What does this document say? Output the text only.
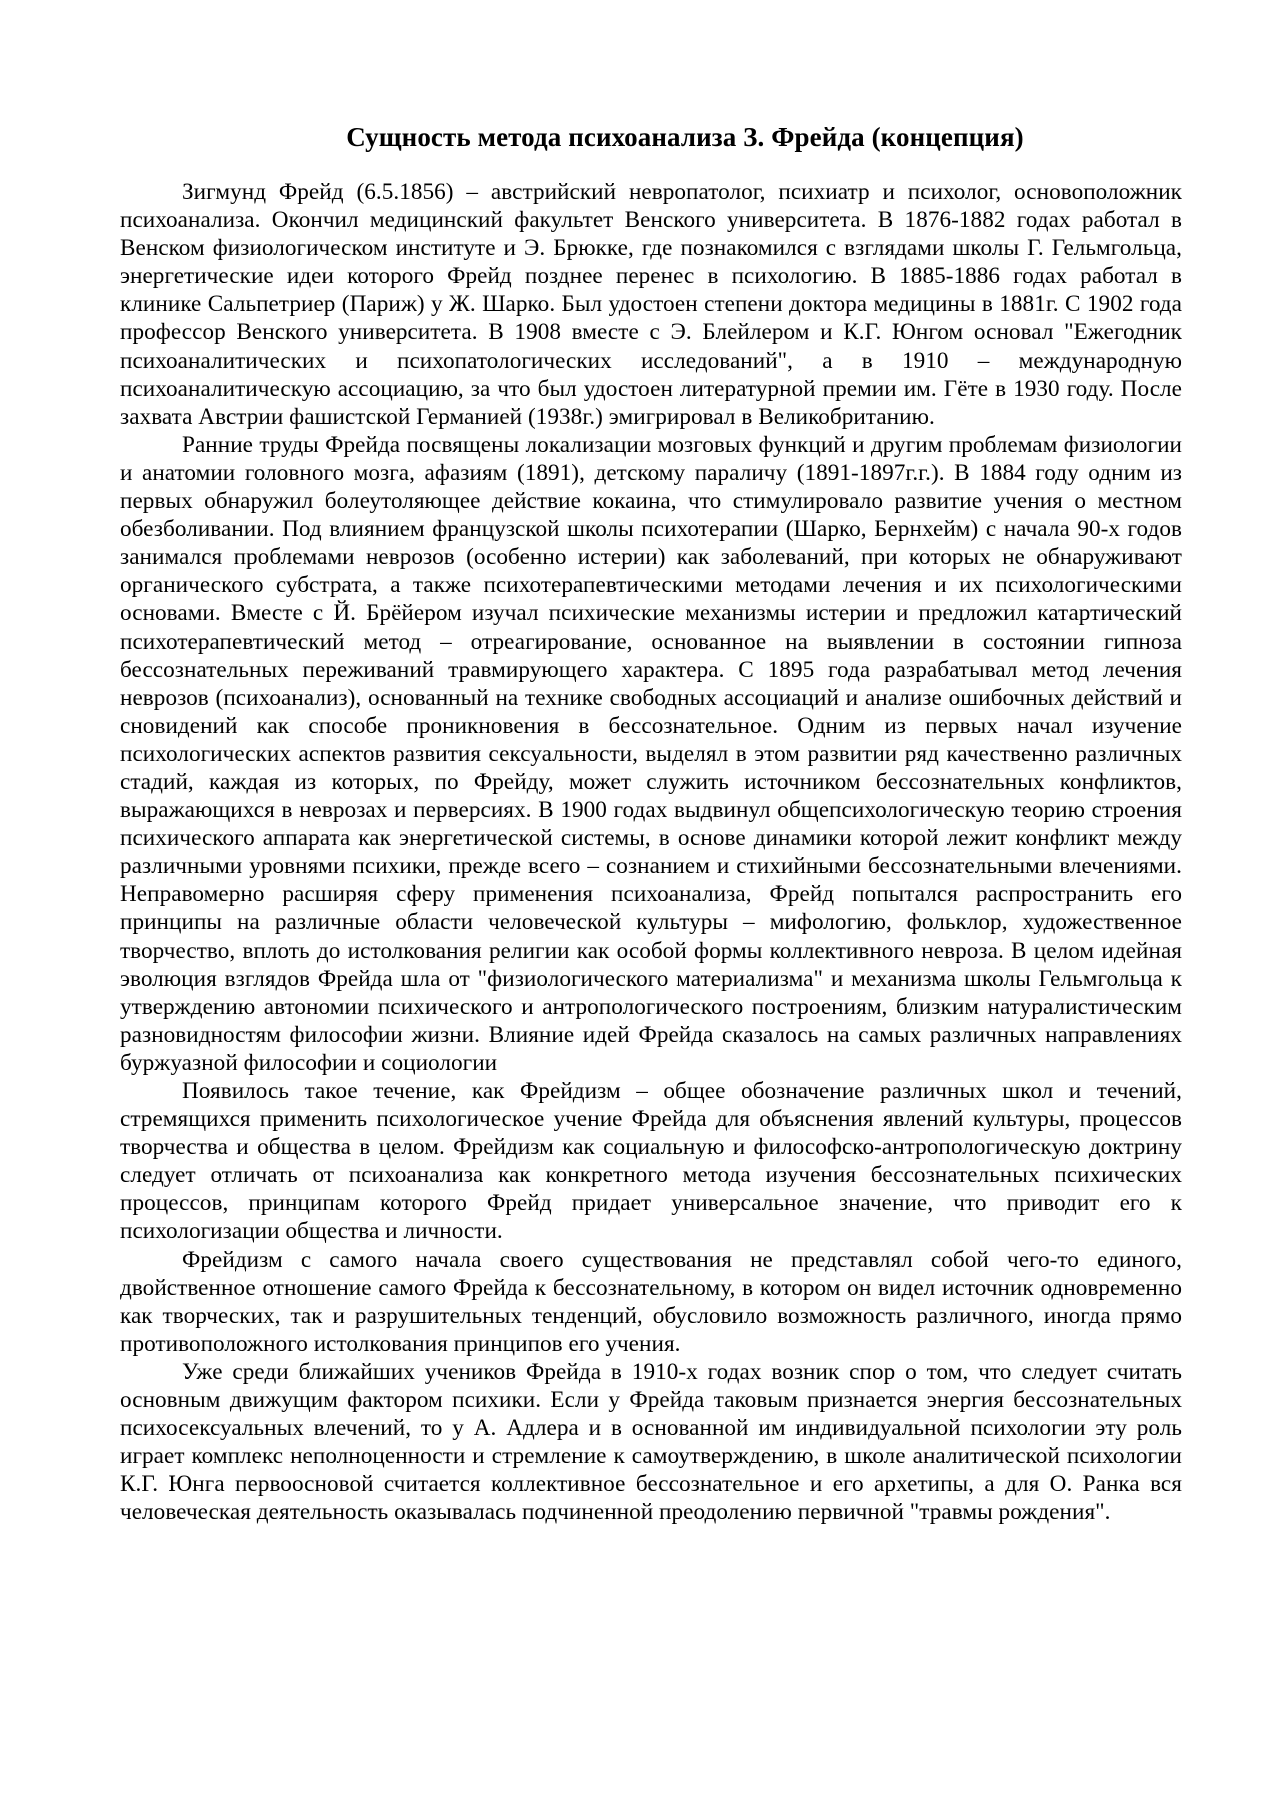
Сущность метода психоанализа З. Фрейда (концепция)

Зигмунд Фрейд (6.5.1856) – австрийский невропатолог, психиатр и психолог, основоположник психоанализа. Окончил медицинский факультет Венского университета. В 1876-1882 годах работал в Венском физиологическом институте и Э. Брюкке, где познакомился с взглядами школы Г. Гельмгольца, энергетические идеи которого Фрейд позднее перенес в психологию. В 1885-1886 годах работал в клинике Сальпетриер (Париж) у Ж. Шарко. Был удостоен степени доктора медицины в 1881г. С 1902 года профессор Венского университета. В 1908 вместе с Э. Блейлером и К.Г. Юнгом основал "Ежегодник психоаналитических и психопатологических исследований", а в 1910 – международную психоаналитическую ассоциацию, за что был удостоен литературной премии им. Гёте в 1930 году. После захвата Австрии фашистской Германией (1938г.) эмигрировал в Великобританию.

Ранние труды Фрейда посвящены локализации мозговых функций и другим проблемам физиологии и анатомии головного мозга, афазиям (1891), детскому параличу (1891-1897г.г.). В 1884 году одним из первых обнаружил болеутоляющее действие кокаина, что стимулировало развитие учения о местном обезболивании. Под влиянием французской школы психотерапии (Шарко, Бернхейм) с начала 90-х годов занимался проблемами неврозов (особенно истерии) как заболеваний, при которых не обнаруживают органического субстрата, а также психотерапевтическими методами лечения и их психологическими основами. Вместе с Й. Брёйером изучал психические механизмы истерии и предложил катартический психотерапевтический метод – отреагирование, основанное на выявлении в состоянии гипноза бессознательных переживаний травмирующего характера. С 1895 года разрабатывал метод лечения неврозов (психоанализ), основанный на технике свободных ассоциаций и анализе ошибочных действий и сновидений как способе проникновения в бессознательное. Одним из первых начал изучение психологических аспектов развития сексуальности, выделял в этом развитии ряд качественно различных стадий, каждая из которых, по Фрейду, может служить источником бессознательных конфликтов, выражающихся в неврозах и перверсиях. В 1900 годах выдвинул общепсихологическую теорию строения психического аппарата как энергетической системы, в основе динамики которой лежит конфликт между различными уровнями психики, прежде всего – сознанием и стихийными бессознательными влечениями. Неправомерно расширяя сферу применения психоанализа, Фрейд попытался распространить его принципы на различные области человеческой культуры – мифологию, фольклор, художественное творчество, вплоть до истолкования религии как особой формы коллективного невроза. В целом идейная эволюция взглядов Фрейда шла от "физиологического материализма" и механизма школы Гельмгольца к утверждению автономии психического и антропологического построениям, близким натуралистическим разновидностям философии жизни. Влияние идей Фрейда сказалось на самых различных направлениях буржуазной философии и социологии

Появилось такое течение, как Фрейдизм – общее обозначение различных школ и течений, стремящихся применить психологическое учение Фрейда для объяснения явлений культуры, процессов творчества и общества в целом. Фрейдизм как социальную и философско-антропологическую доктрину следует отличать от психоанализа как конкретного метода изучения бессознательных психических процессов, принципам которого Фрейд придает универсальное значение, что приводит его к психологизации общества и личности.

Фрейдизм с самого начала своего существования не представлял собой чего-то единого, двойственное отношение самого Фрейда к бессознательному, в котором он видел источник одновременно как творческих, так и разрушительных тенденций, обусловило возможность различного, иногда прямо противоположного истолкования принципов его учения.

Уже среди ближайших учеников Фрейда в 1910-х годах возник спор о том, что следует считать основным движущим фактором психики. Если у Фрейда таковым признается энергия бессознательных психосексуальных влечений, то у А. Адлера и в основанной им индивидуальной психологии эту роль играет комплекс неполноценности и стремление к самоутверждению, в школе аналитической психологии К.Г. Юнга первоосновой считается коллективное бессознательное и его архетипы, а для О. Ранка вся человеческая деятельность оказывалась подчиненной преодолению первичной "травмы рождения".
